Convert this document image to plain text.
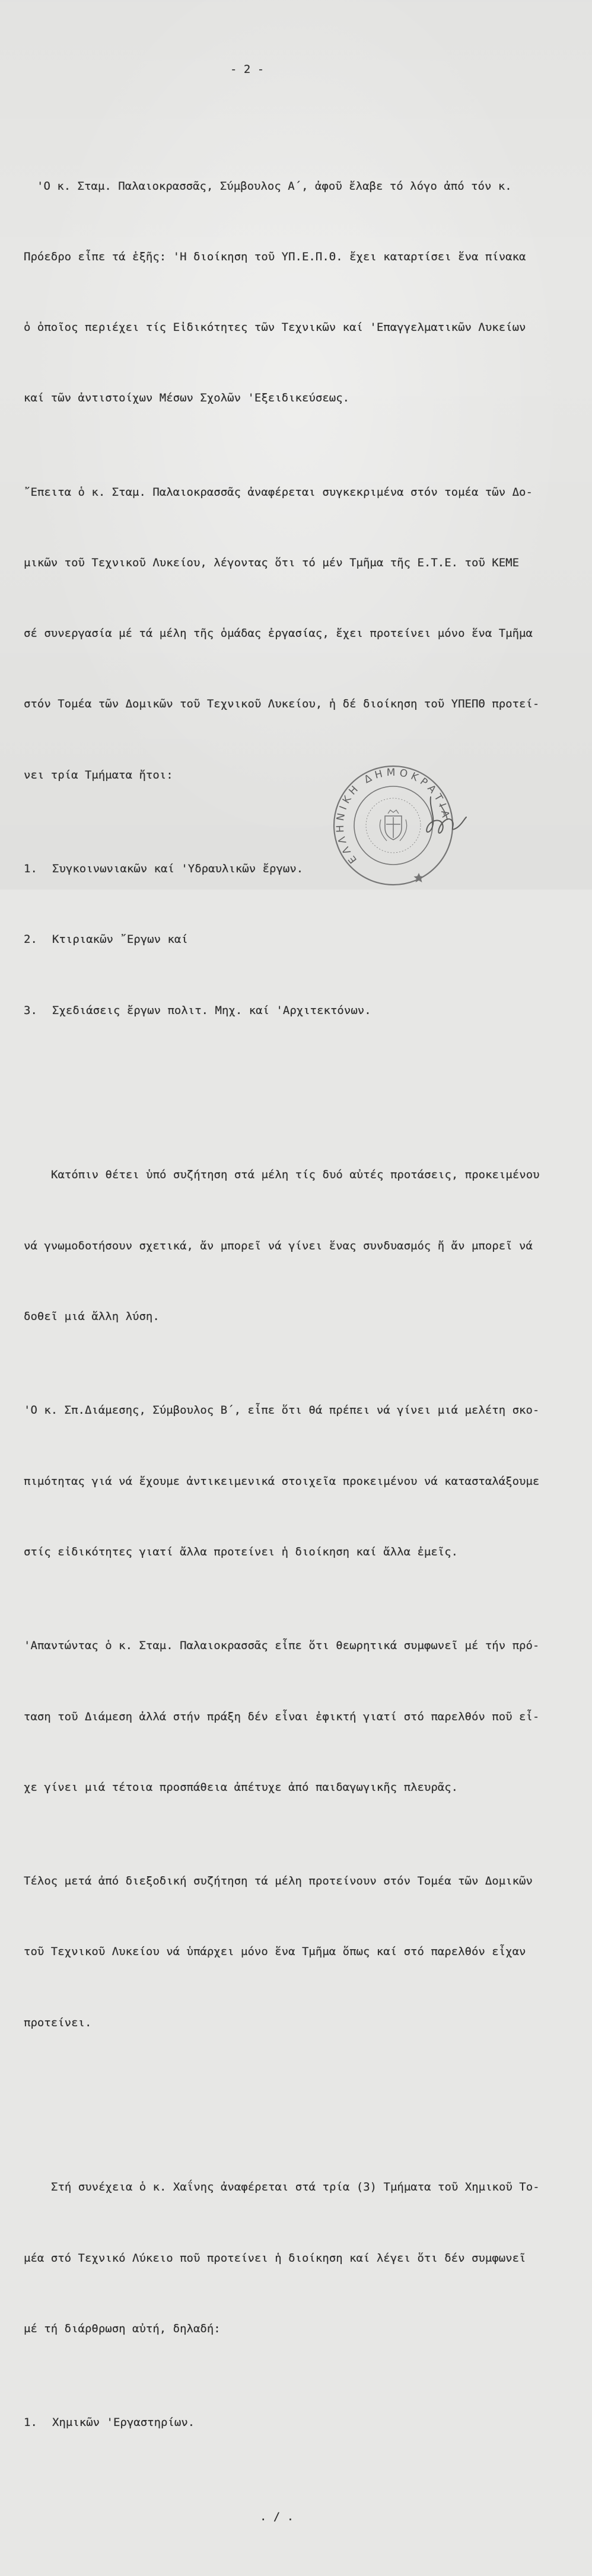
- 2 -

'Ο κ. Σταμ. Παλαιοκρασσᾶς, Σύμβουλος Α΄, ἀφοῦ ἔλαβε τό λόγο ἀπό τόν κ.

Πρόεδρο εἶπε τά ἑξῆς: 'Η διοίκηση τοῦ ΥΠ.Ε.Π.Θ. ἔχει καταρτίσει ἕνα πίνακα

ὁ ὁποῖος περιέχει τίς Εἰδικότητες τῶν Τεχνικῶν καί 'Επαγγελματικῶν Λυκείων

καί τῶν ἀντιστοίχων Μέσων Σχολῶν 'Εξειδικεύσεως.

῎Επειτα ὁ κ. Σταμ. Παλαιοκρασσᾶς ἀναφέρεται συγκεκριμένα στόν τομέα τῶν Δο-

μικῶν τοῦ Τεχνικοῦ Λυκείου, λέγοντας ὅτι τό μέν Τμῆμα τῆς Ε.Τ.Ε. τοῦ ΚΕΜΕ

σέ συνεργασία μέ τά μέλη τῆς ὁμάδας ἐργασίας, ἔχει προτείνει μόνο ἕνα Τμῆμα

στόν Τομέα τῶν Δομικῶν τοῦ Τεχνικοῦ Λυκείου, ἡ δέ διοίκηση τοῦ ΥΠΕΠΘ προτεί-

νει τρία Τμήματα ἤτοι:

1. Συγκοινωνιακῶν καί 'Υδραυλικῶν ἔργων.

2. Κτιριακῶν ῎Εργων καί

3. Σχεδιάσεις ἔργων πολιτ. Μηχ. καί 'Αρχιτεκτόνων.

Κατόπιν θέτει ὑπό συζήτηση στά μέλη τίς δυό αὐτές προτάσεις, προκειμένου

νά γνωμοδοτήσουν σχετικά, ἄν μπορεῖ νά γίνει ἕνας συνδυασμός ἤ ἄν μπορεῖ νά

δοθεῖ μιά ἄλλη λύση.

'Ο κ. Σπ.Διάμεσης, Σύμβουλος Β΄, εἶπε ὅτι θά πρέπει νά γίνει μιά μελέτη σκο-

πιμότητας γιά νά ἔχουμε ἀντικειμενικά στοιχεῖα προκειμένου νά κατασταλάξουμε

στίς εἰδικότητες γιατί ἄλλα προτείνει ἡ διοίκηση καί ἄλλα ἐμεῖς.

'Απαντώντας ὁ κ. Σταμ. Παλαιοκρασσᾶς εἶπε ὅτι θεωρητικά συμφωνεῖ μέ τήν πρό-

ταση τοῦ Διάμεση ἀλλά στήν πράξη δέν εἶναι ἐφικτή γιατί στό παρελθόν ποῦ εἶ-

χε γίνει μιά τέτοια προσπάθεια ἀπέτυχε ἀπό παιδαγωγικῆς πλευρᾶς.

Τέλος μετά ἀπό διεξοδική συζήτηση τά μέλη προτείνουν στόν Τομέα τῶν Δομικῶν

τοῦ Τεχνικοῦ Λυκείου νά ὑπάρχει μόνο ἕνα Τμῆμα ὅπως καί στό παρελθόν εἶχαν

προτείνει.

Στή συνέχεια ὁ κ. Χαΐνης ἀναφέρεται στά τρία (3) Τμήματα τοῦ Χημικοῦ Το-

μέα στό Τεχνικό Λύκειο ποῦ προτείνει ἡ διοίκηση καί λέγει ὅτι δέν συμφωνεῖ

μέ τή διάρθρωση αὐτή, δηλαδή:

1. Χημικῶν 'Εργαστηρίων.

. / .

ΕΛΛΗΝΙΚΗ ΔΗΜΟΚΡΑΤΙΑ
